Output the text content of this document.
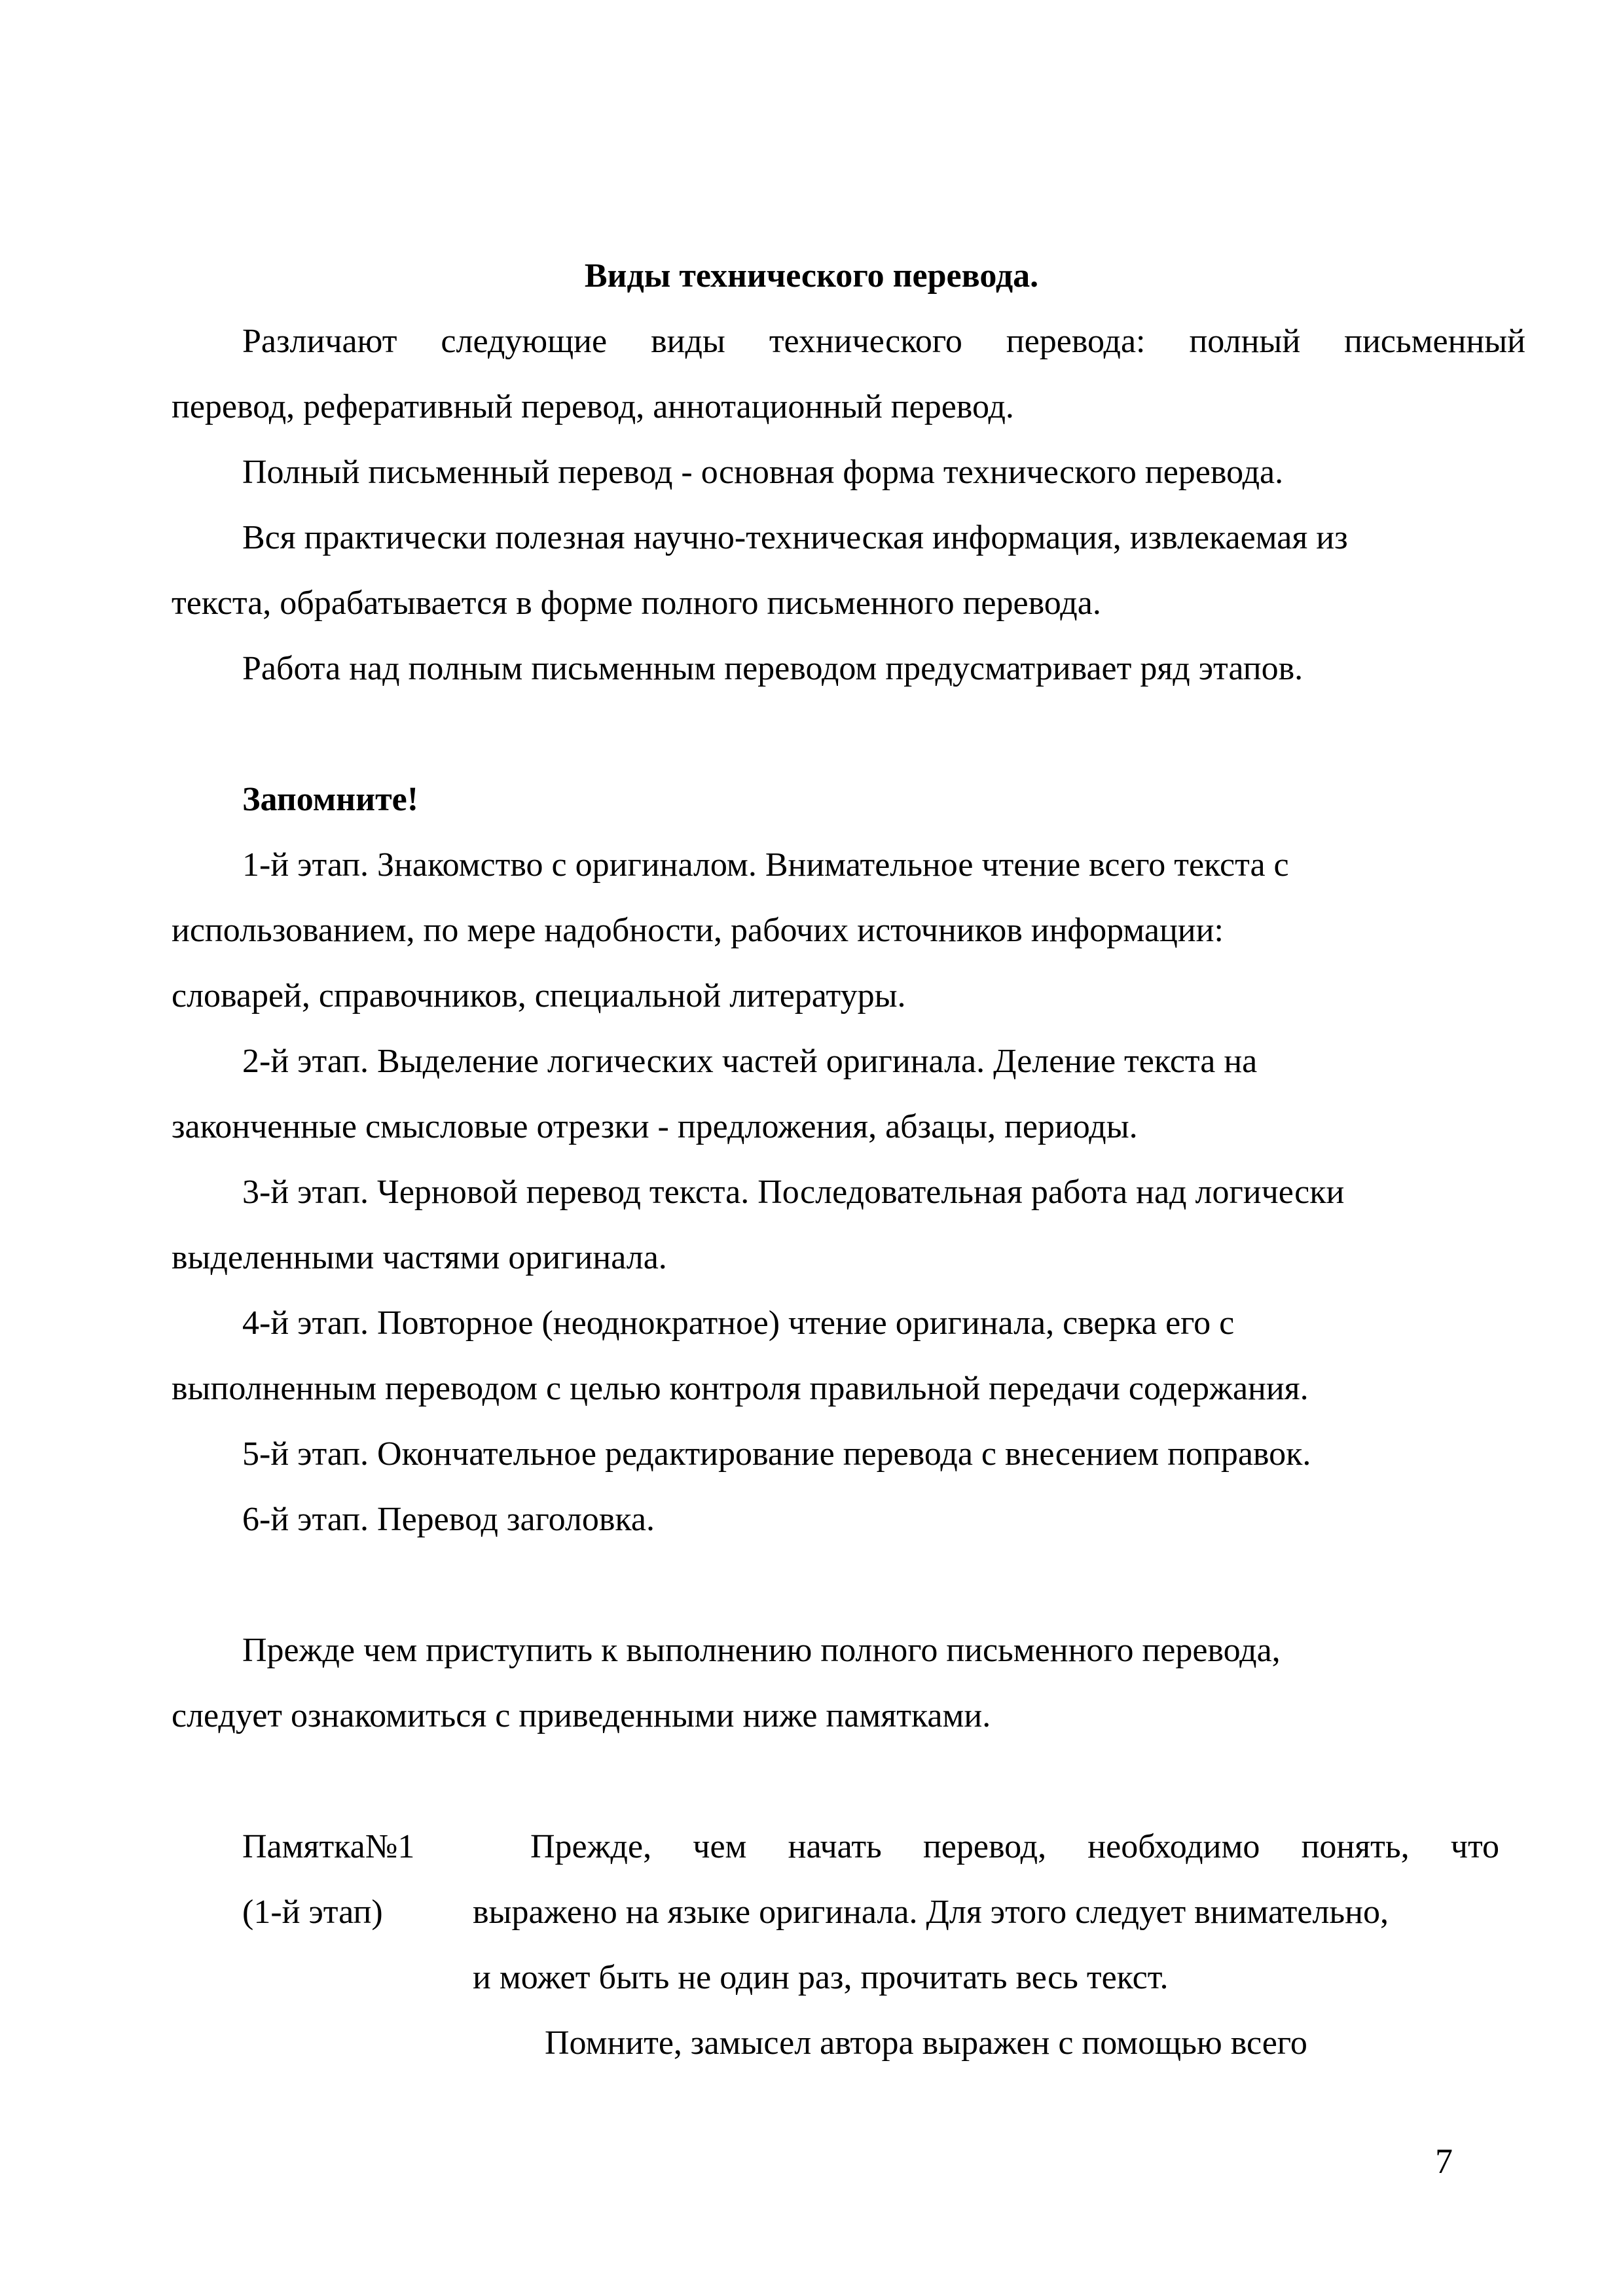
Виды технического перевода.
Различают следующие виды технического перевода: полный письменный
перевод, реферативный перевод, аннотационный перевод.
Полный письменный перевод - основная форма технического перевода.
Вся практически полезная научно-техническая информация, извлекаемая из
текста, обрабатывается в форме полного письменного перевода.
Работа над полным письменным переводом предусматривает ряд этапов.
Запомните!
1-й этап. Знакомство с оригиналом. Внимательное чтение всего текста с
использованием, по мере надобности, рабочих источников информации:
словарей, справочников, специальной литературы.
2-й этап. Выделение логических частей оригинала. Деление текста на
законченные смысловые отрезки - предложения, абзацы, периоды.
3-й этап. Черновой перевод текста. Последовательная работа над логически
выделенными частями оригинала.
4-й этап. Повторное (неоднократное) чтение оригинала, сверка его с
выполненным переводом с целью контроля правильной передачи содержания.
5-й этап. Окончательное редактирование перевода с внесением поправок.
6-й этап. Перевод заголовка.
Прежде чем приступить к выполнению полного письменного перевода,
следует ознакомиться с приведенными ниже памятками.
Памятка№1
(1-й этап)
Прежде, чем начать перевод, необходимо понять, что
выражено на языке оригинала. Для этого следует внимательно,
и может быть не один раз, прочитать весь текст.
Помните, замысел автора выражен с помощью всего
7
